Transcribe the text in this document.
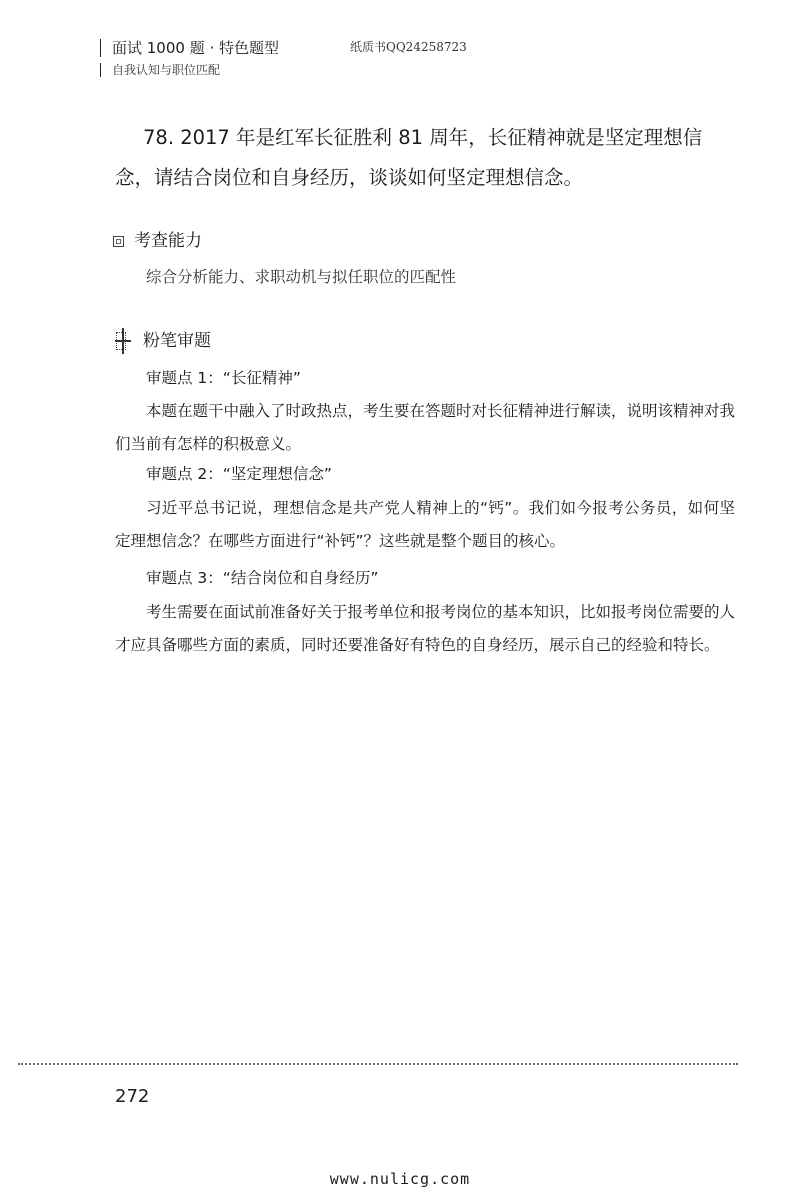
面试 1000 题 · 特色题型
自我认知与职位匹配
纸质书QQ24258723

78. 2017 年是红军长征胜利 81 周年，长征精神就是坚定理想信念，请结合岗位和自身经历，谈谈如何坚定理想信念。

考查能力

综合分析能力、求职动机与拟任职位的匹配性

粉笔审题

审题点 1：“长征精神”

本题在题干中融入了时政热点，考生要在答题时对长征精神进行解读，说明该精神对我们当前有怎样的积极意义。

审题点 2：“坚定理想信念”

习近平总书记说，理想信念是共产党人精神上的“钙”。我们如今报考公务员，如何坚定理想信念？在哪些方面进行“补钙”？这些就是整个题目的核心。

审题点 3：“结合岗位和自身经历”

考生需要在面试前准备好关于报考单位和报考岗位的基本知识，比如报考岗位需要的人才应具备哪些方面的素质，同时还要准备好有特色的自身经历，展示自己的经验和特长。

272
www.nulicg.com
